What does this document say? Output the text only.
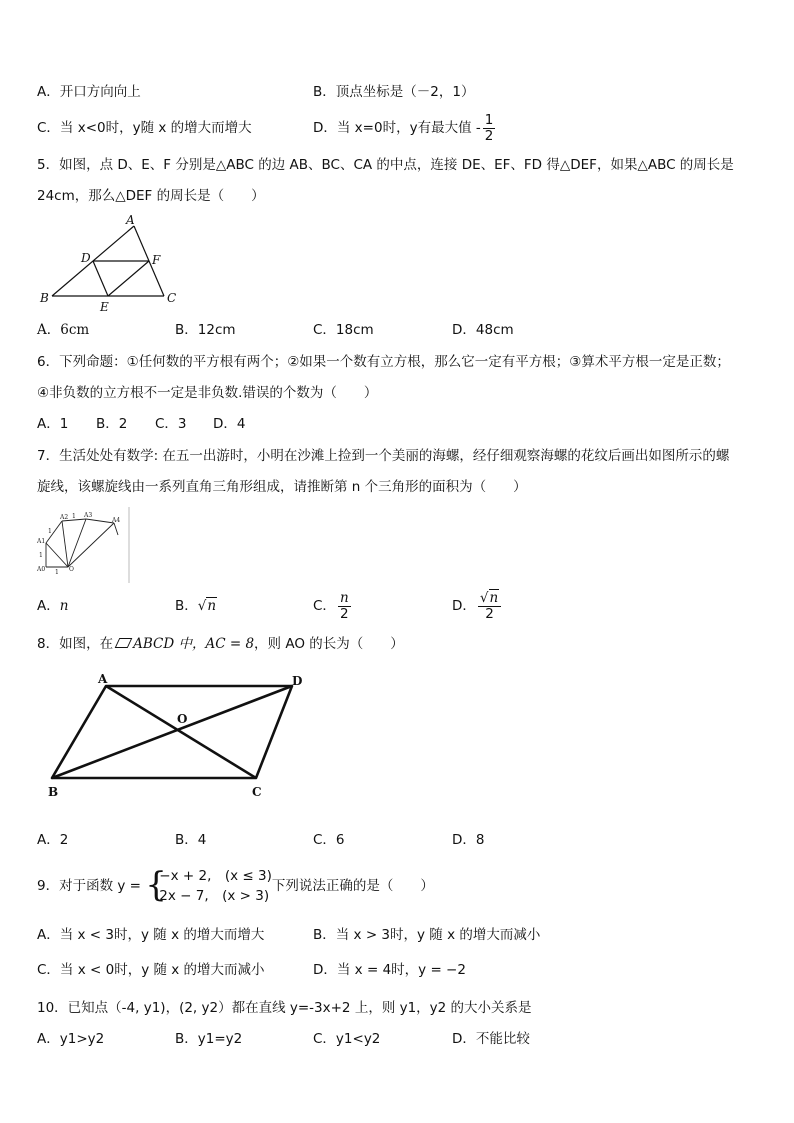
A．开口方向向上	B．顶点坐标是（－2，1）
C．当 x<0时，y随 x 的增大而增大	D．当 x=0时，y有最大值 - $\frac{1}{2}$
5．如图，点 D、E、F 分别是△ABC 的边 AB、BC、CA 的中点，连接 DE、EF、FD 得△DEF，如果△ABC 的周长是
24cm，那么△DEF 的周长是（　　）
A
B	C
D
E
F
A．6cm	B．12cm	C．18cm	D．48cm
6．下列命题：①任何数的平方根有两个；②如果一个数有立方根，那么它一定有平方根；③算术平方根一定是正数；
④非负数的立方根不一定是非负数.错误的个数为（　　）
A．1 B．2 C．3 D．4
7．生活处处有数学: 在五一出游时，小明在沙滩上捡到一个美丽的海螺，经仔细观察海螺的花纹后画出如图所示的螺
旋线，该螺旋线由一系列直角三角形组成，请推断第 n 个三角形的面积为（　　）
A0
A1
A2	A3
A4
O
1
1
1
1
A．n	B．√n	C． $\frac{n}{2}$	D． $\frac{√n}{2}$
8．如图，在 ABCD 中，AC = 8，则 AO 的长为（　　）
A	D
B	C
O
A．2	B．4	C．6	D．8
9．对于函数 y = {
−x + 2,　(x ≤ 3)
2x − 7,　(x > 3)
下列说法正确的是（　　）
A．当 x < 3时，y 随 x 的增大而增大	B．当 x > 3时，y 随 x 的增大而减小
C．当 x < 0时，y 随 x 的增大而减小	D．当 x = 4时，y = −2
10．已知点（-4, y1)，(2, y2）都在直线 y=-3x+2 上，则 y1，y2 的大小关系是
A．y1>y2	B．y1=y2	C．y1<y2	D．不能比较
